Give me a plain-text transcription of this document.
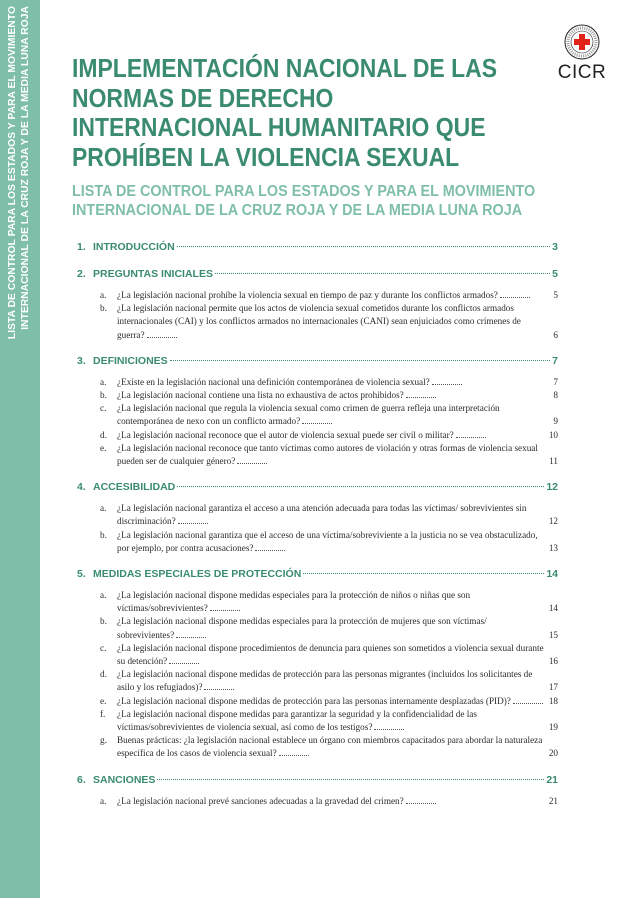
LISTA DE CONTROL PARA LOS ESTADOS Y PARA EL MOVIMIENTO INTERNACIONAL DE LA CRUZ ROJA Y DE LA MEDIA LUNA ROJA	CICR
IMPLEMENTACIÓN NACIONAL DE LAS NORMAS DE DERECHO INTERNACIONAL HUMANITARIO QUE PROHÍBEN LA VIOLENCIA SEXUAL
LISTA DE CONTROL PARA LOS ESTADOS Y PARA EL MOVIMIENTO INTERNACIONAL DE LA CRUZ ROJA Y DE LA MEDIA LUNA ROJA
1. INTRODUCCIÓN	3
2. PREGUNTAS INICIALES	5
a.	¿La legislación nacional prohíbe la violencia sexual en tiempo de paz y durante los conflictos armados?	5
b.	¿La legislación nacional permite que los actos de violencia sexual cometidos durante los conflictos armados internacionales (CAI) y los conflictos armados no internacionales (CANI) sean enjuiciados como crímenes de guerra?	6
3. DEFINICIONES	7
a.	¿Existe en la legislación nacional una definición contemporánea de violencia sexual?	7
b.	¿La legislación nacional contiene una lista no exhaustiva de actos prohibidos?	8
c.	¿La legislación nacional que regula la violencia sexual como crimen de guerra refleja una interpretación contemporánea de nexo con un conflicto armado?	9
d.	¿La legislación nacional reconoce que el autor de violencia sexual puede ser civil o militar?	10
e.	¿La legislación nacional reconoce que tanto víctimas como autores de violación y otras formas de violencia sexual pueden ser de cualquier género?	11
4. ACCESIBILIDAD	12
a.	¿La legislación nacional garantiza el acceso a una atención adecuada para todas las víctimas/ sobrevivientes sin discriminación?	12
b.	¿La legislación nacional garantiza que el acceso de una víctima/sobreviviente a la justicia no se vea obstaculizado, por ejemplo, por contra acusaciones?	13
5. MEDIDAS ESPECIALES DE PROTECCIÓN	14
a.	¿La legislación nacional dispone medidas especiales para la protección de niños o niñas que son víctimas/sobrevivientes?	14
b.	¿La legislación nacional dispone medidas especiales para la protección de mujeres que son víctimas/ sobrevivientes?	15
c.	¿La legislación nacional dispone procedimientos de denuncia para quienes son sometidos a violencia sexual durante su detención?	16
d.	¿La legislación nacional dispone medidas de protección para las personas migrantes (incluidos los solicitantes de asilo y los refugiados)?	17
e.	¿La legislación nacional dispone medidas de protección para las personas internamente desplazadas (PID)?	18
f.	¿La legislación nacional dispone medidas para garantizar la seguridad y la confidencialidad de las víctimas/sobrevivientes de violencia sexual, así como de los testigos?	19
g.	Buenas prácticas: ¿la legislación nacional establece un órgano con miembros capacitados para abordar la naturaleza específica de los casos de violencia sexual?	20
6. SANCIONES	21
a.	¿La legislación nacional prevé sanciones adecuadas a la gravedad del crimen?	21
